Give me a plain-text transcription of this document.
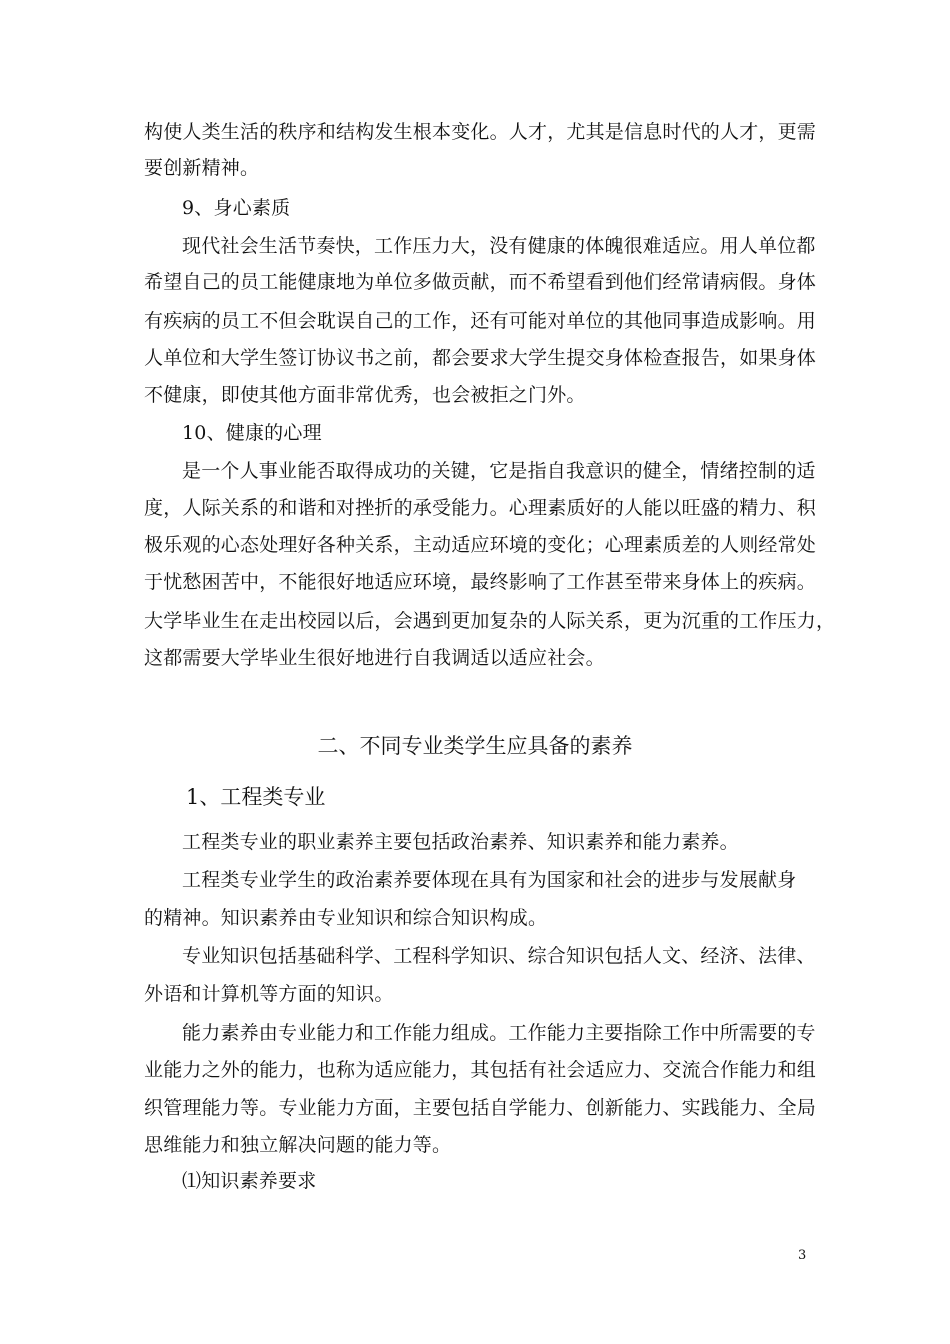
构使人类生活的秩序和结构发生根本变化。人才，尤其是信息时代的人才，更需
要创新精神。
9、身心素质
现代社会生活节奏快，工作压力大，没有健康的体魄很难适应。用人单位都
希望自己的员工能健康地为单位多做贡献，而不希望看到他们经常请病假。身体
有疾病的员工不但会耽误自己的工作，还有可能对单位的其他同事造成影响。用
人单位和大学生签订协议书之前，都会要求大学生提交身体检查报告，如果身体
不健康，即使其他方面非常优秀，也会被拒之门外。
10、健康的心理
是一个人事业能否取得成功的关键，它是指自我意识的健全，情绪控制的适
度，人际关系的和谐和对挫折的承受能力。心理素质好的人能以旺盛的精力、积
极乐观的心态处理好各种关系，主动适应环境的变化；心理素质差的人则经常处
于忧愁困苦中，不能很好地适应环境，最终影响了工作甚至带来身体上的疾病。
大学毕业生在走出校园以后，会遇到更加复杂的人际关系，更为沉重的工作压力，
这都需要大学毕业生很好地进行自我调适以适应社会。
二、不同专业类学生应具备的素养
1、工程类专业
工程类专业的职业素养主要包括政治素养、知识素养和能力素养。
工程类专业学生的政治素养要体现在具有为国家和社会的进步与发展献身
的精神。知识素养由专业知识和综合知识构成。
专业知识包括基础科学、工程科学知识、综合知识包括人文、经济、法律、
外语和计算机等方面的知识。
能力素养由专业能力和工作能力组成。工作能力主要指除工作中所需要的专
业能力之外的能力，也称为适应能力，其包括有社会适应力、交流合作能力和组
织管理能力等。专业能力方面，主要包括自学能力、创新能力、实践能力、全局
思维能力和独立解决问题的能力等。
⑴知识素养要求
3
